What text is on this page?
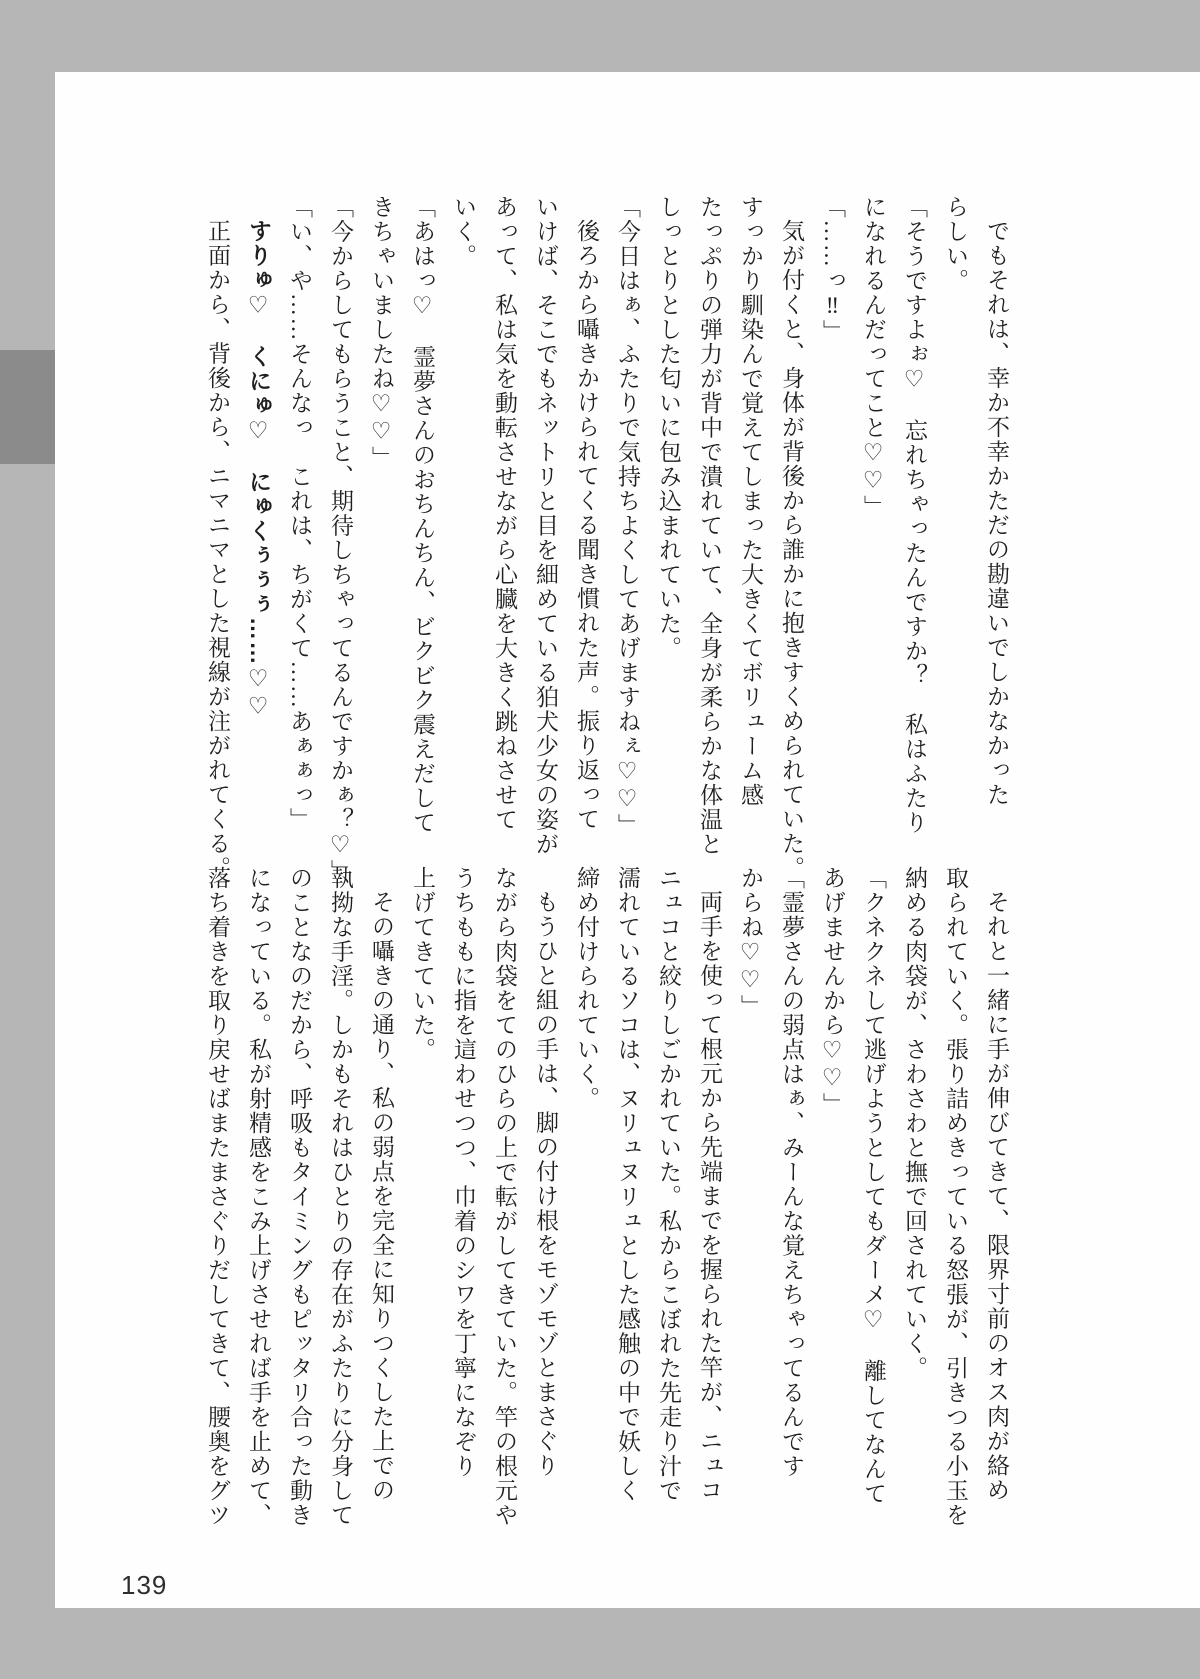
でもそれは、幸か不幸かただの勘違いでしかなかった
らしい。
「そうですよぉ♡　忘れちゃったんですか？　私はふたり
になれるんだってこと♡♡」
「……っ‼」
気が付くと、身体が背後から誰かに抱きすくめられていた。
すっかり馴染んで覚えてしまった大きくてボリューム感
たっぷりの弾力が背中で潰れていて、全身が柔らかな体温と
しっとりとした匂いに包み込まれていた。
「今日はぁ、ふたりで気持ちよくしてあげますねぇ♡♡」
後ろから囁きかけられてくる聞き慣れた声。振り返って
いけば、そこでもネットリと目を細めている狛犬少女の姿が
あって、私は気を動転させながら心臓を大きく跳ねさせて
いく。
「あはっ♡　霊夢さんのおちんちん、ビクビク震えだして
きちゃいましたね♡♡」
「今からしてもらうこと、期待しちゃってるんですかぁ？♡」
「い、や……そんなっ　これは、ちがくて……あぁぁっ」
すりゅ♡　くにゅ♡　にゅくぅぅぅ……♡♡
正面から、背後から、ニマニマとした視線が注がれてくる。
それと一緒に手が伸びてきて、限界寸前のオス肉が絡め
取られていく。張り詰めきっている怒張が、引きつる小玉を
納める肉袋が、さわさわと撫で回されていく。
「クネクネして逃げようとしてもダーメ♡　離してなんて
あげませんから♡♡」
「霊夢さんの弱点はぁ、みーんな覚えちゃってるんです
からね♡♡」
両手を使って根元から先端までを握られた竿が、ニュコ
ニュコと絞りしごかれていた。私からこぼれた先走り汁で
濡れているソコは、ヌリュヌリュとした感触の中で妖しく
締め付けられていく。
もうひと組の手は、脚の付け根をモゾモゾとまさぐり
ながら肉袋をてのひらの上で転がしてきていた。竿の根元や
うちももに指を這わせつつ、巾着のシワを丁寧になぞり
上げてきていた。
その囁きの通り、私の弱点を完全に知りつくした上での
執拗な手淫。しかもそれはひとりの存在がふたりに分身して
のことなのだから、呼吸もタイミングもピッタリ合った動き
になっている。私が射精感をこみ上げさせれば手を止めて、
落ち着きを取り戻せばまたまさぐりだしてきて、腰奥をグツ
139
